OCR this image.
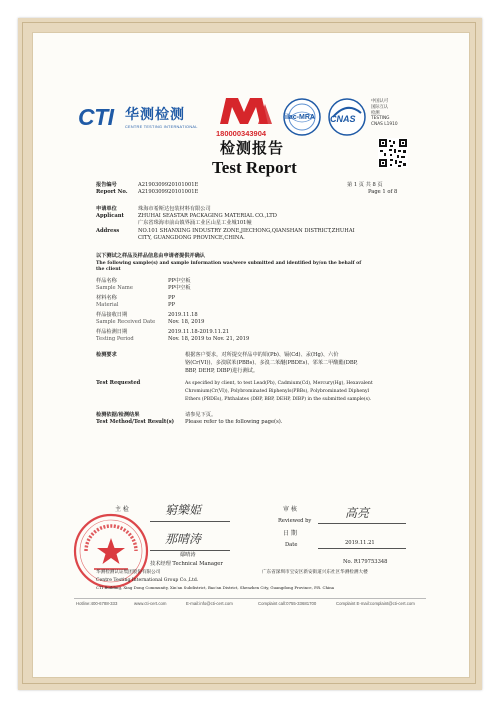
CTI 华测检测
CENTRE TESTING INTERNATIONAL
180000343904
ilac-MRA CNAS
中国认可
国际互认
检测
TESTING
CNAS L1910
检测报告
Test Report
报告编号	A2190309920101001E
Report No. A2190309920101001E
第 1 页 共 8 页
Page 1 of 8
申请单位	珠海市希斯达包装材料有限公司
Applicant	ZHUHAI SEASTAR PACKAGING MATERIAL CO.,LTD
广东省珠海市前山镇界涌工业区山星工业城101幢
Address	NO.101 SHANXING INDUSTRY ZONE,JIECHONG,QIANSHAN DISTRICT,ZHUHAI
CITY, GUANGDONG PROVINCE,CHINA.
以下测试之样品及样品信息由申请者提供并确认
The following sample(s) and sample information was/were submitted and identified by/on the behalf of
the client
样品名称	PP中空板
Sample Name	PP中空板
材料名称	PP
Material	PP
样品接收日期	2019.11.18
Sample Received Date Nov. 18, 2019
样品检测日期	2019.11.18-2019.11.21
Testing Period	Nov. 18, 2019 to Nov. 21, 2019
检测要求	根据客户要求，对所提交样品中的铅(Pb)、镉(Cd)、汞(Hg)、六价
铬(Cr(VI))、多溴联苯(PBBs)、多溴二苯醚(PBDEs)、邻苯二甲酸酯(DBP,
BBP, DEHP, DIBP)进行测试。
Test Requested	As specified by client, to test Lead(Pb), Cadmium(Cd), Mercury(Hg), Hexavalent
Chromium(Cr(VI)), Polybrominated Biphenyls(PBBs), Polybrominated Diphenyl
Ethers (PBDEs), Phthalates (DBP, BBP, DEHP, DIBP) in the submitted sample(s).
检测依据/检测结果	请参见下页。
Test Method/Test Result(s) Please refer to the following page(s).
主 检	窮樂姫	审 核
Reviewed by
高亮
日 期
Date	2019.11.21
那晴涛
鄢晴涛
技术经理 Technical Manager	No. R179753348
华测检测认证集团股份有限公司
Centre Testing International Group Co.,Ltd.
CTI Building, Xing Dong Community, Xin'an Subdistrict, Bao'an District, Shenzhen City, Guangdong Province, P.R. China
广东省深圳市宝安区新安街道兴东社区华测检测大楼
Hotline:400-6788-333	www.cti-cert.com	E-mail:info@cti-cert.com	Complaint call:0755-33681700	Complaint E-mail:complaint@cti-cert.com
